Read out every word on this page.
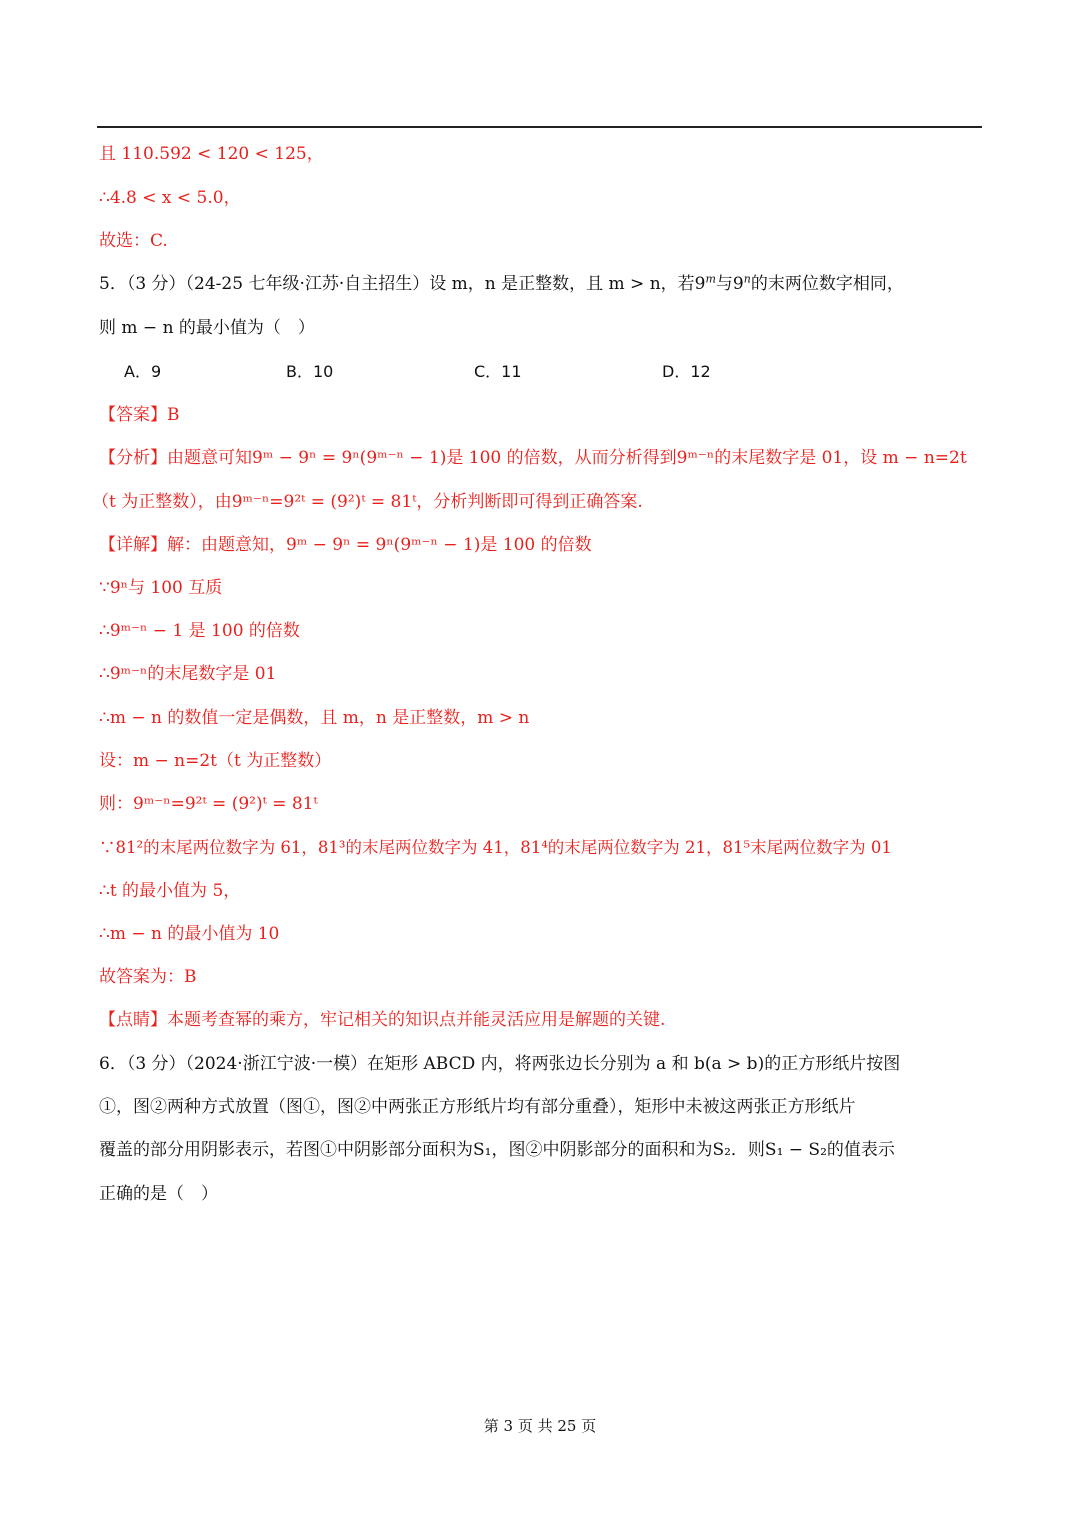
且 110.592 < 120 < 125，
∴4.8 < x < 5.0，
故选：C.
5．（3 分）（24-25 七年级·江苏·自主招生）设 m，n 是正整数，且 m > n，若9$^m$与9$^n$的末两位数字相同，
则 m − n 的最小值为（　）
A．9	B．10	C．11	D．12
【答案】B
【分析】由题意可知9ᵐ − 9ⁿ = 9ⁿ(9ᵐ⁻ⁿ − 1)是 100 的倍数，从而分析得到9ᵐ⁻ⁿ的末尾数字是 01，设 m − n=2t
（t 为正整数），由9ᵐ⁻ⁿ=9²ᵗ = (9²)ᵗ = 81ᵗ，分析判断即可得到正确答案.
【详解】解：由题意知，9ᵐ − 9ⁿ = 9ⁿ(9ᵐ⁻ⁿ − 1)是 100 的倍数
∵9ⁿ与 100 互质
∴9ᵐ⁻ⁿ − 1 是 100 的倍数
∴9ᵐ⁻ⁿ的末尾数字是 01
∴m − n 的数值一定是偶数，且 m，n 是正整数，m > n
设：m − n=2t（t 为正整数）
则：9ᵐ⁻ⁿ=9²ᵗ = (9²)ᵗ = 81ᵗ
∵81²的末尾两位数字为 61，81³的末尾两位数字为 41，81⁴的末尾两位数字为 21，81⁵末尾两位数字为 01
∴t 的最小值为 5，
∴m − n 的最小值为 10
故答案为：B
【点睛】本题考查幂的乘方，牢记相关的知识点并能灵活应用是解题的关键.
6．（3 分）（2024·浙江宁波·一模）在矩形 ABCD 内，将两张边长分别为 a 和 b(a > b)的正方形纸片按图
①，图②两种方式放置（图①，图②中两张正方形纸片均有部分重叠），矩形中未被这两张正方形纸片
覆盖的部分用阴影表示，若图①中阴影部分面积为S₁，图②中阴影部分的面积和为S₂．则S₁ − S₂的值表示
正确的是（　）
第 3 页 共 25 页
